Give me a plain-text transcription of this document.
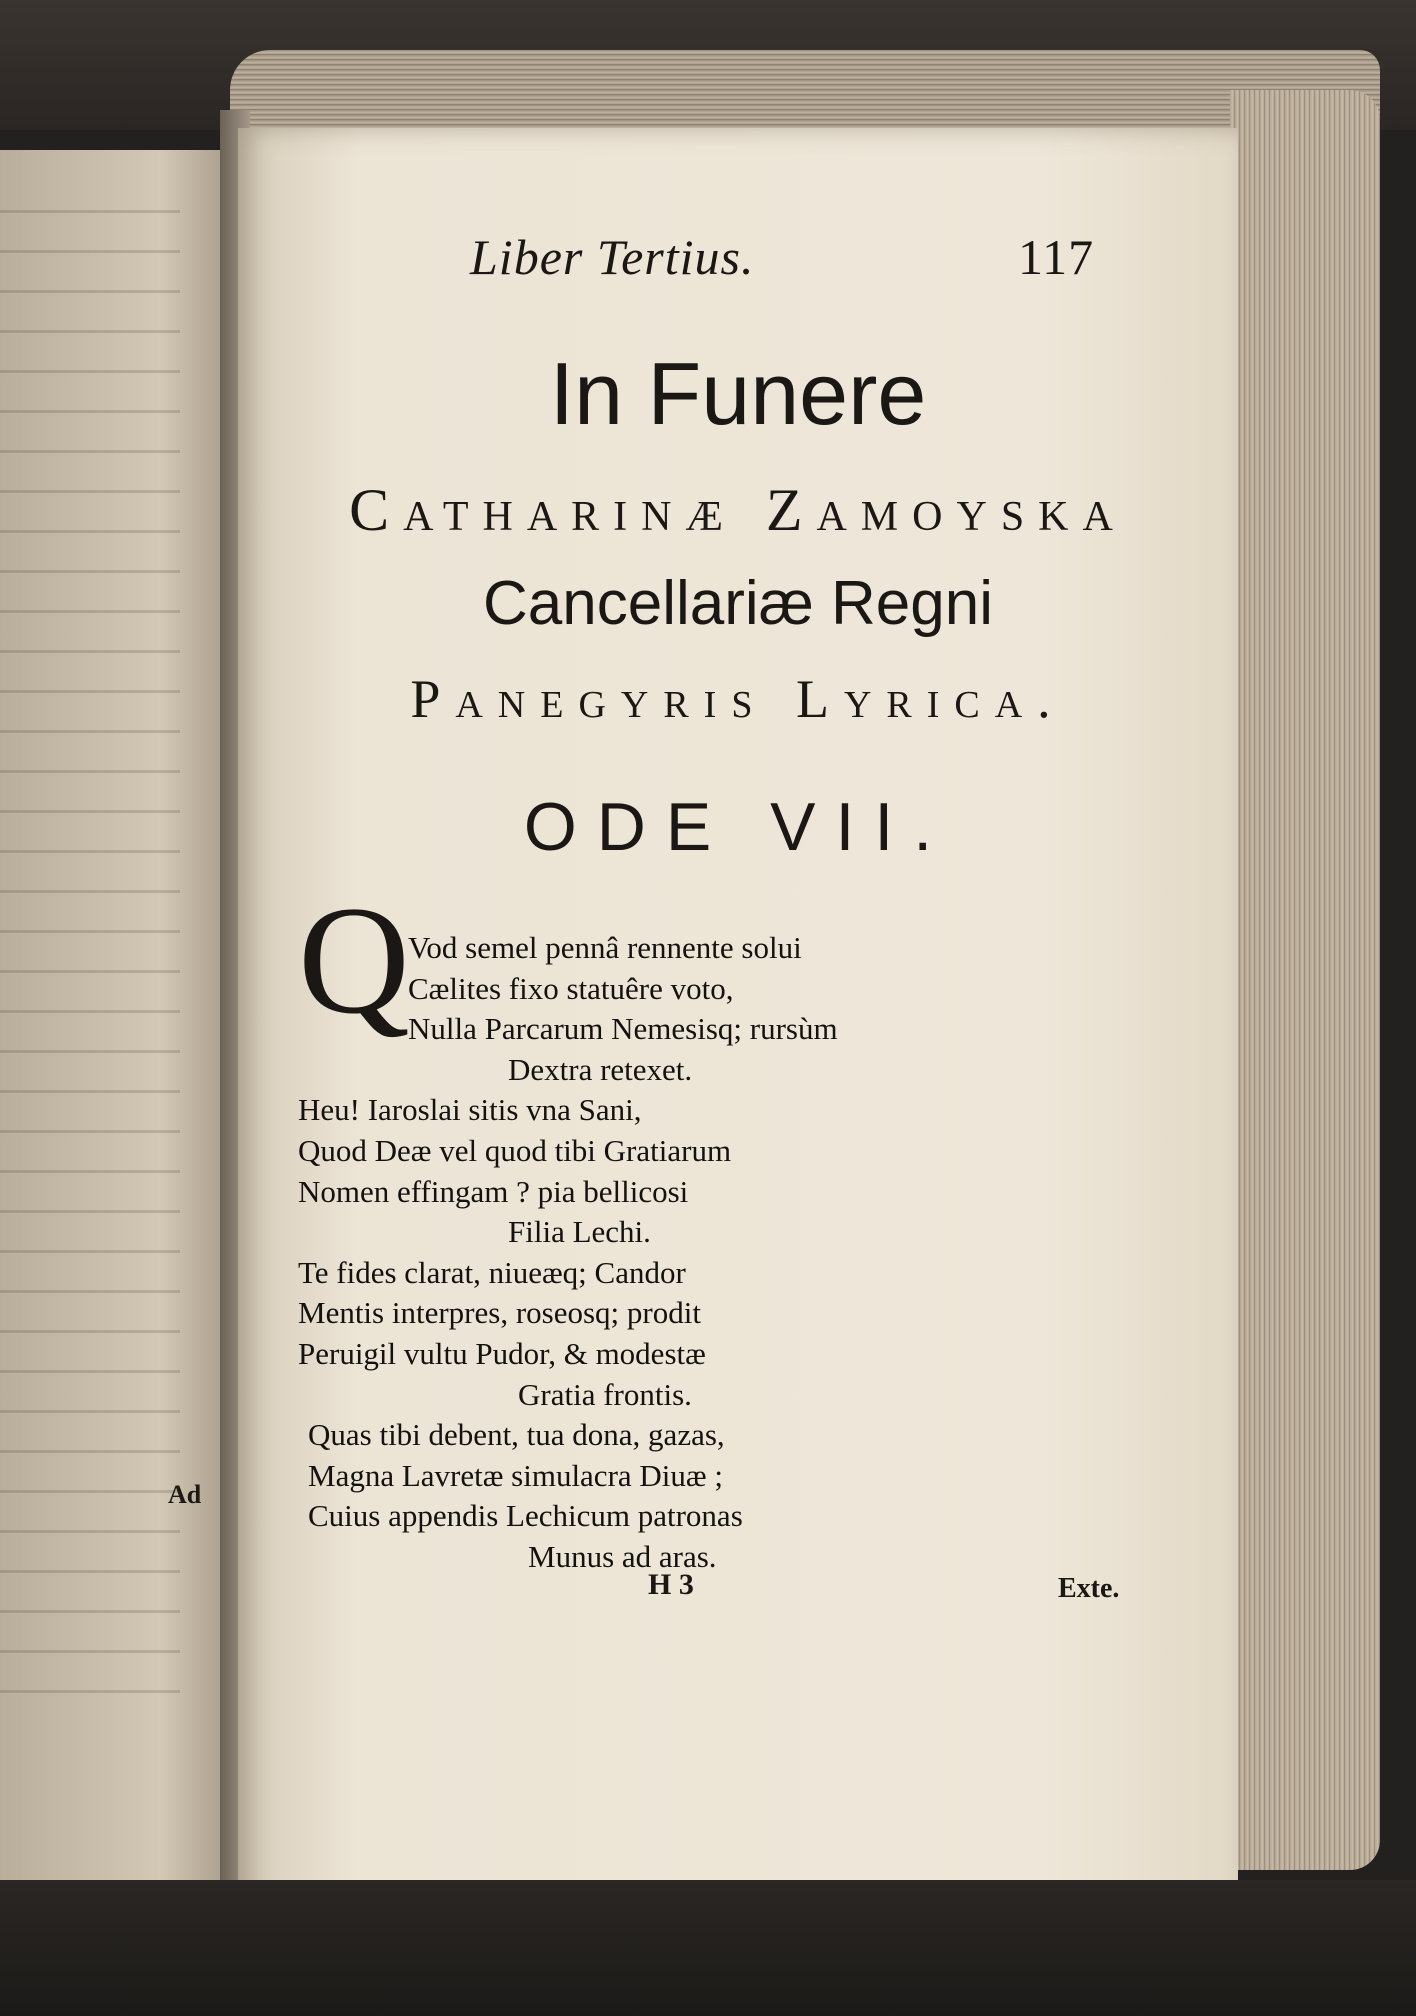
Ad
Liber Tertius.	117
In Funere
Catharinæ Zamoyska
Cancellariæ Regni
Panegyris Lyrica.
ODE VII.
Q
Vod semel pennâ rennente solui
Cælites fixo statuêre voto,
Nulla Parcarum Nemesisq; rursùm
Dextra retexet.
Heu! Iaroslai sitis vna Sani,
Quod Deæ vel quod tibi Gratiarum
Nomen effingam ? pia bellicosi
Filia Lechi.
Te fides clarat, niueæq; Candor
Mentis interpres, roseosq; prodit
Peruigil vultu Pudor, & modestæ
Gratia frontis.
Quas tibi debent, tua dona, gazas,
Magna Lavretæ simulacra Diuæ ;
Cuius appendis Lechicum patronas
Munus ad aras.
H 3	Exte.
